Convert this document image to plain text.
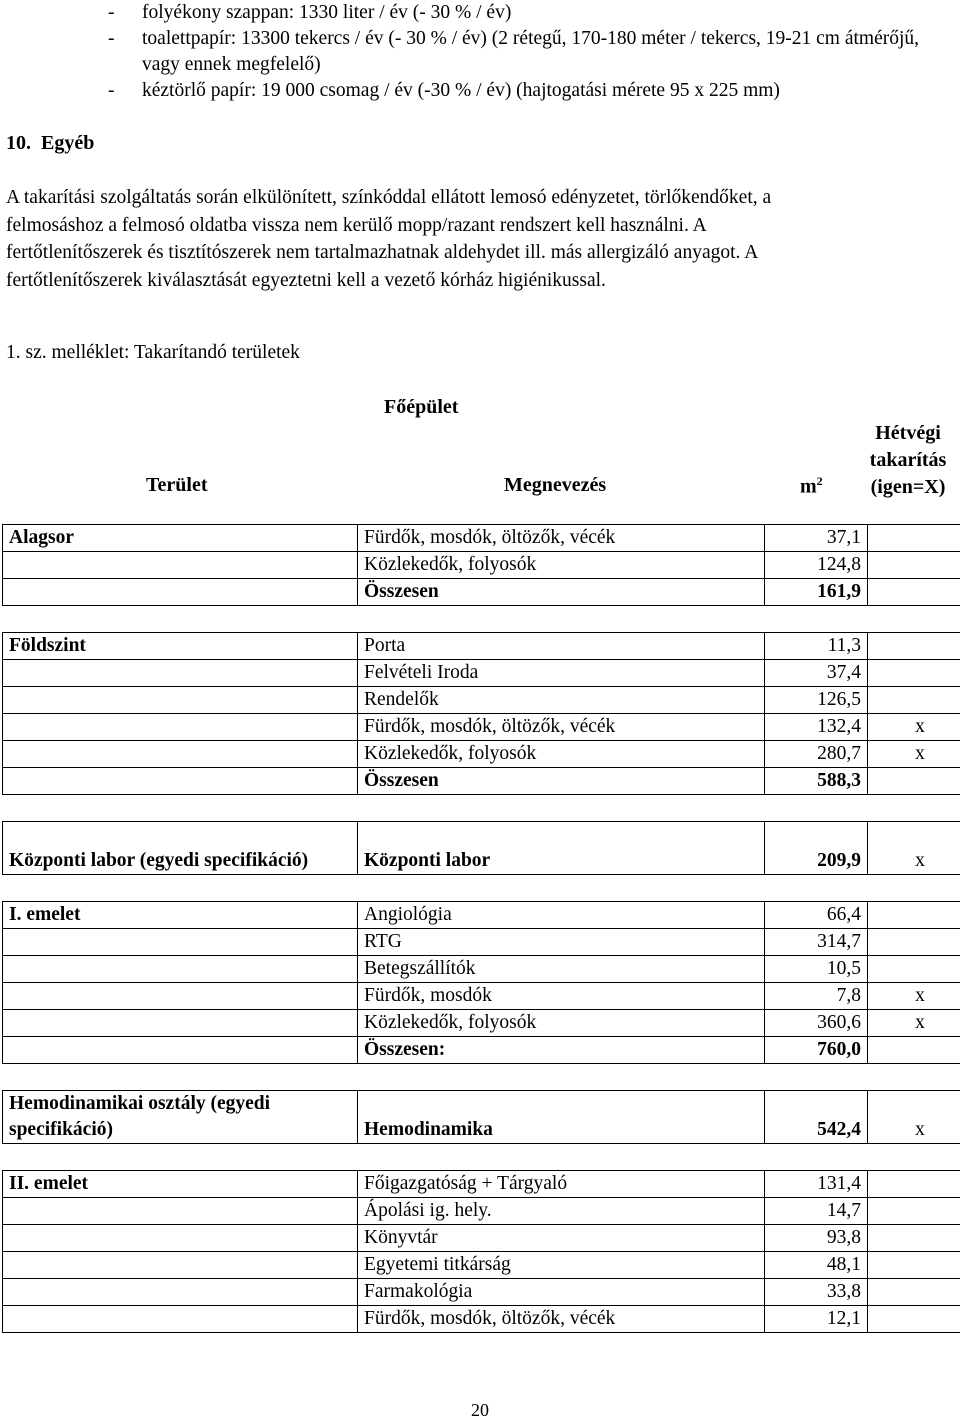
- folyékony szappan: 1330 liter / év (- 30 % / év)
- toalettpapír: 13300 tekercs / év (- 30 % / év) (2 rétegű, 170-180 méter / tekercs, 19-21 cm átmérőjű, vagy ennek megfelelő)
- kéztörlő papír: 19 000 csomag / év (-30 % / év) (hajtogatási mérete 95 x 225 mm)
10. Egyéb
A takarítási szolgáltatás során elkülönített, színkóddal ellátott lemosó edényzetet, törlőkendőket, a
felmosáshoz a felmosó oldatba vissza nem kerülő mopp/razant rendszert kell használni. A
fertőtlenítőszerek és tisztítószerek nem tartalmazhatnak aldehydet ill. más allergizáló anyagot. A
fertőtlenítőszerek kiválasztását egyeztetni kell a vezető kórház higiénikussal.
1. sz. melléklet: Takarítandó területek
Főépület
Terület	Megnevezés	$m^2$
Hétvégi
takarítás
(igen=X)
Alagsor	Fürdők, mosdók, öltözők, vécék	37,1	
	Közlekedők, folyosók	124,8	
	Összesen	161,9	

Földszint	Porta	11,3	
	Felvételi Iroda	37,4	
	Rendelők	126,5	
	Fürdők, mosdók, öltözők, vécék	132,4	x
	Közlekedők, folyosók	280,7	x
	Összesen	588,3	

Központi labor (egyedi specifikáció)	Központi labor	209,9	x

I. emelet	Angiológia	66,4	
	RTG	314,7	
	Betegszállítók	10,5	
	Fürdők, mosdók	7,8	x
	Közlekedők, folyosók	360,6	x
	Összesen:	760,0	

Hemodinamikai osztály (egyedi specifikáció)	Hemodinamika	542,4	x

II. emelet	Főigazgatóság + Tárgyaló	131,4	
	Ápolási ig. hely.	14,7	
	Könyvtár	93,8	
	Egyetemi titkárság	48,1	
	Farmakológia	33,8	
	Fürdők, mosdók, öltözők, vécék	12,1	
20
